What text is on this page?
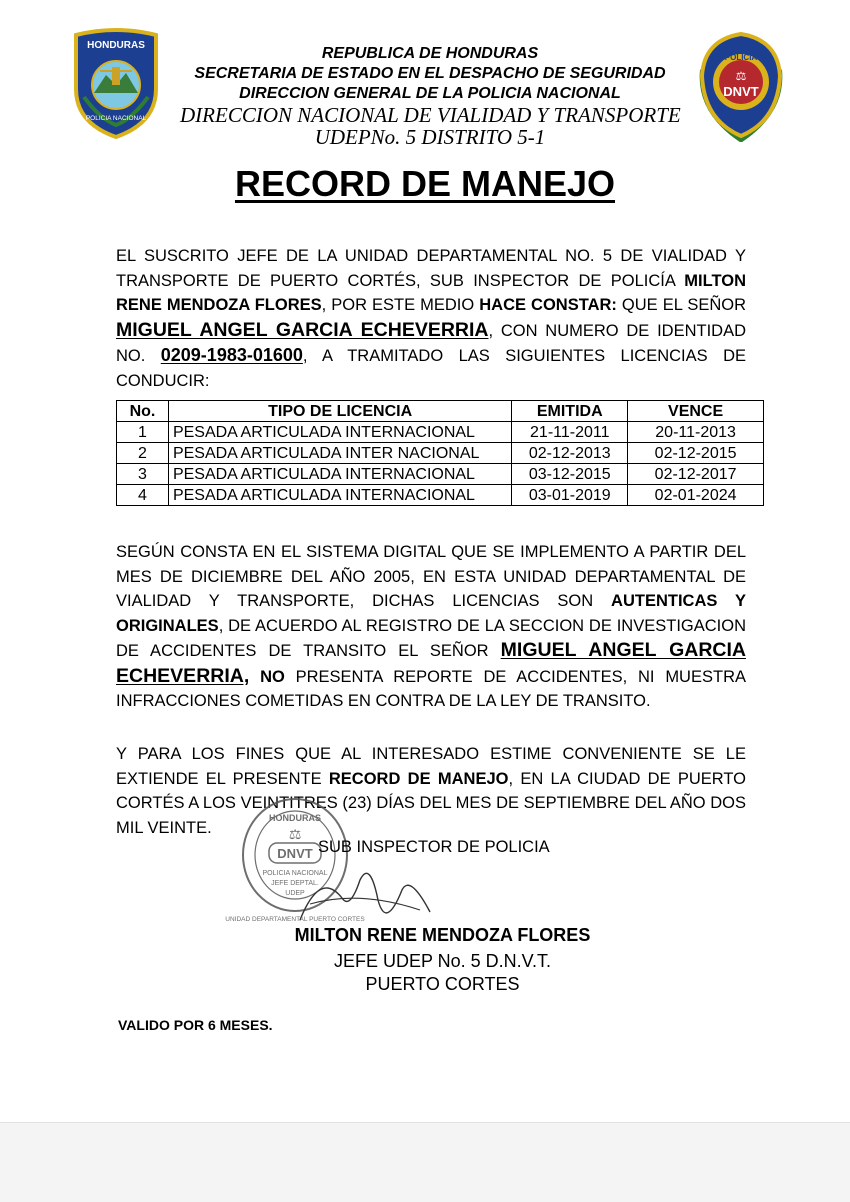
HONDURAS
POLICIA NACIONAL
REPUBLICA DE HONDURAS
SECRETARIA DE ESTADO EN EL DESPACHO DE SEGURIDAD
DIRECCION GENERAL DE LA POLICIA NACIONAL
DIRECCION NACIONAL DE VIALIDAD Y TRANSPORTE
UDEPNo. 5 DISTRITO 5-1
POLICIA
⚖
DNVT
RECORD DE MANEJO
EL SUSCRITO JEFE DE LA UNIDAD DEPARTAMENTAL NO. 5 DE VIALIDAD Y TRANSPORTE DE PUERTO CORTÉS, SUB INSPECTOR DE POLICÍA MILTON RENE MENDOZA FLORES, POR ESTE MEDIO HACE CONSTAR: QUE EL SEÑOR MIGUEL ANGEL GARCIA ECHEVERRIA, CON NUMERO DE IDENTIDAD NO. 0209-1983-01600, A TRAMITADO LAS SIGUIENTES LICENCIAS DE CONDUCIR:
No.	TIPO DE LICENCIA	EMITIDA	VENCE
1	PESADA ARTICULADA INTERNACIONAL	21-11-2011	20-11-2013
2	PESADA ARTICULADA INTER NACIONAL	02-12-2013	02-12-2015
3	PESADA ARTICULADA INTERNACIONAL	03-12-2015	02-12-2017
4	PESADA ARTICULADA INTERNACIONAL	03-01-2019	02-01-2024
SEGÚN CONSTA EN EL SISTEMA DIGITAL QUE SE IMPLEMENTO A PARTIR DEL MES DE DICIEMBRE DEL AÑO 2005, EN ESTA UNIDAD DEPARTAMENTAL DE VIALIDAD Y TRANSPORTE, DICHAS LICENCIAS SON AUTENTICAS Y ORIGINALES, DE ACUERDO AL REGISTRO DE LA SECCION DE INVESTIGACION DE ACCIDENTES DE TRANSITO EL SEÑOR MIGUEL ANGEL GARCIA ECHEVERRIA, NO PRESENTA REPORTE DE ACCIDENTES, NI MUESTRA INFRACCIONES COMETIDAS EN CONTRA DE LA LEY DE TRANSITO.
Y PARA LOS FINES QUE AL INTERESADO ESTIME CONVENIENTE SE LE EXTIENDE EL PRESENTE RECORD DE MANEJO, EN LA CIUDAD DE PUERTO CORTÉS A LOS VEINTITRES (23) DÍAS DEL MES DE SEPTIEMBRE DEL AÑO DOS MIL VEINTE.
HONDURAS
⚖
DNVT
POLICIA NACIONAL
JEFE DEPTAL.
UDEP
UNIDAD DEPARTAMENTAL PUERTO CORTES
SUB INSPECTOR DE POLICIA
MILTON RENE MENDOZA FLORES
JEFE UDEP No. 5 D.N.V.T.
PUERTO CORTES
VALIDO POR 6 MESES.
